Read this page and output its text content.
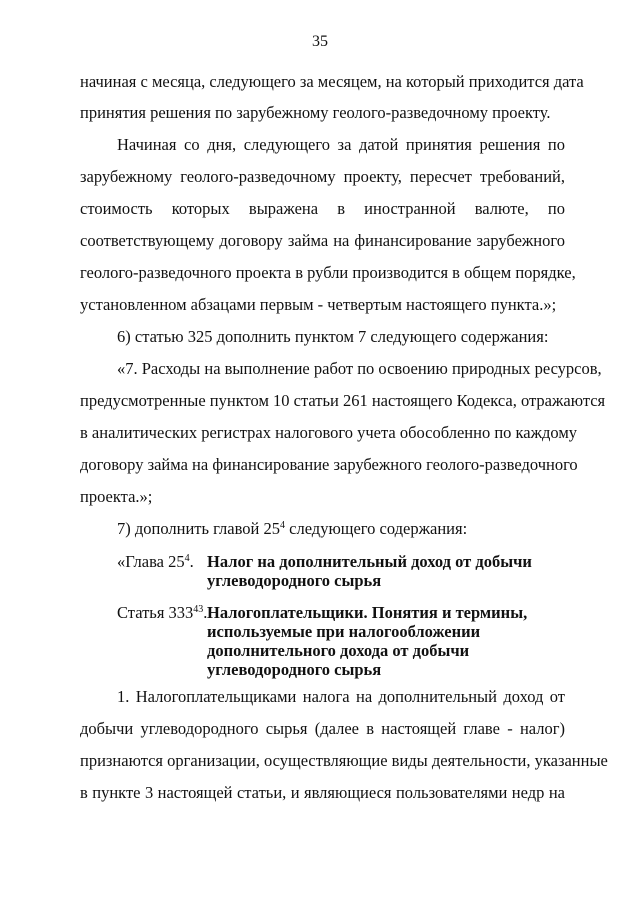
35
начиная с месяца, следующего за месяцем, на который приходится дата
принятия решения по зарубежному геолого-разведочному проекту.
Начиная со дня, следующего за датой принятия решения по
зарубежному геолого-разведочному проекту, пересчет требований,
стоимость которых выражена в иностранной валюте, по
соответствующему договору займа на финансирование зарубежного
геолого-разведочного проекта в рубли производится в общем порядке,
установленном абзацами первым - четвертым настоящего пункта.»;
6) статью 325 дополнить пунктом 7 следующего содержания:
«7. Расходы на выполнение работ по освоению природных ресурсов,
предусмотренные пунктом 10 статьи 261 настоящего Кодекса, отражаются
в аналитических регистрах налогового учета обособленно по каждому
договору займа на финансирование зарубежного геолого-разведочного
проекта.»;
7) дополнить главой $25^4$ следующего содержания:
«Глава $25^4$. Налог на дополнительный доход от добычи
углеводородного сырья
Статья $333^{43}$. Налогоплательщики. Понятия и термины,
используемые при налогообложении
дополнительного дохода от добычи
углеводородного сырья
1. Налогоплательщиками налога на дополнительный доход от
добычи углеводородного сырья (далее в настоящей главе - налог)
признаются организации, осуществляющие виды деятельности, указанные
в пункте 3 настоящей статьи, и являющиеся пользователями недр на
